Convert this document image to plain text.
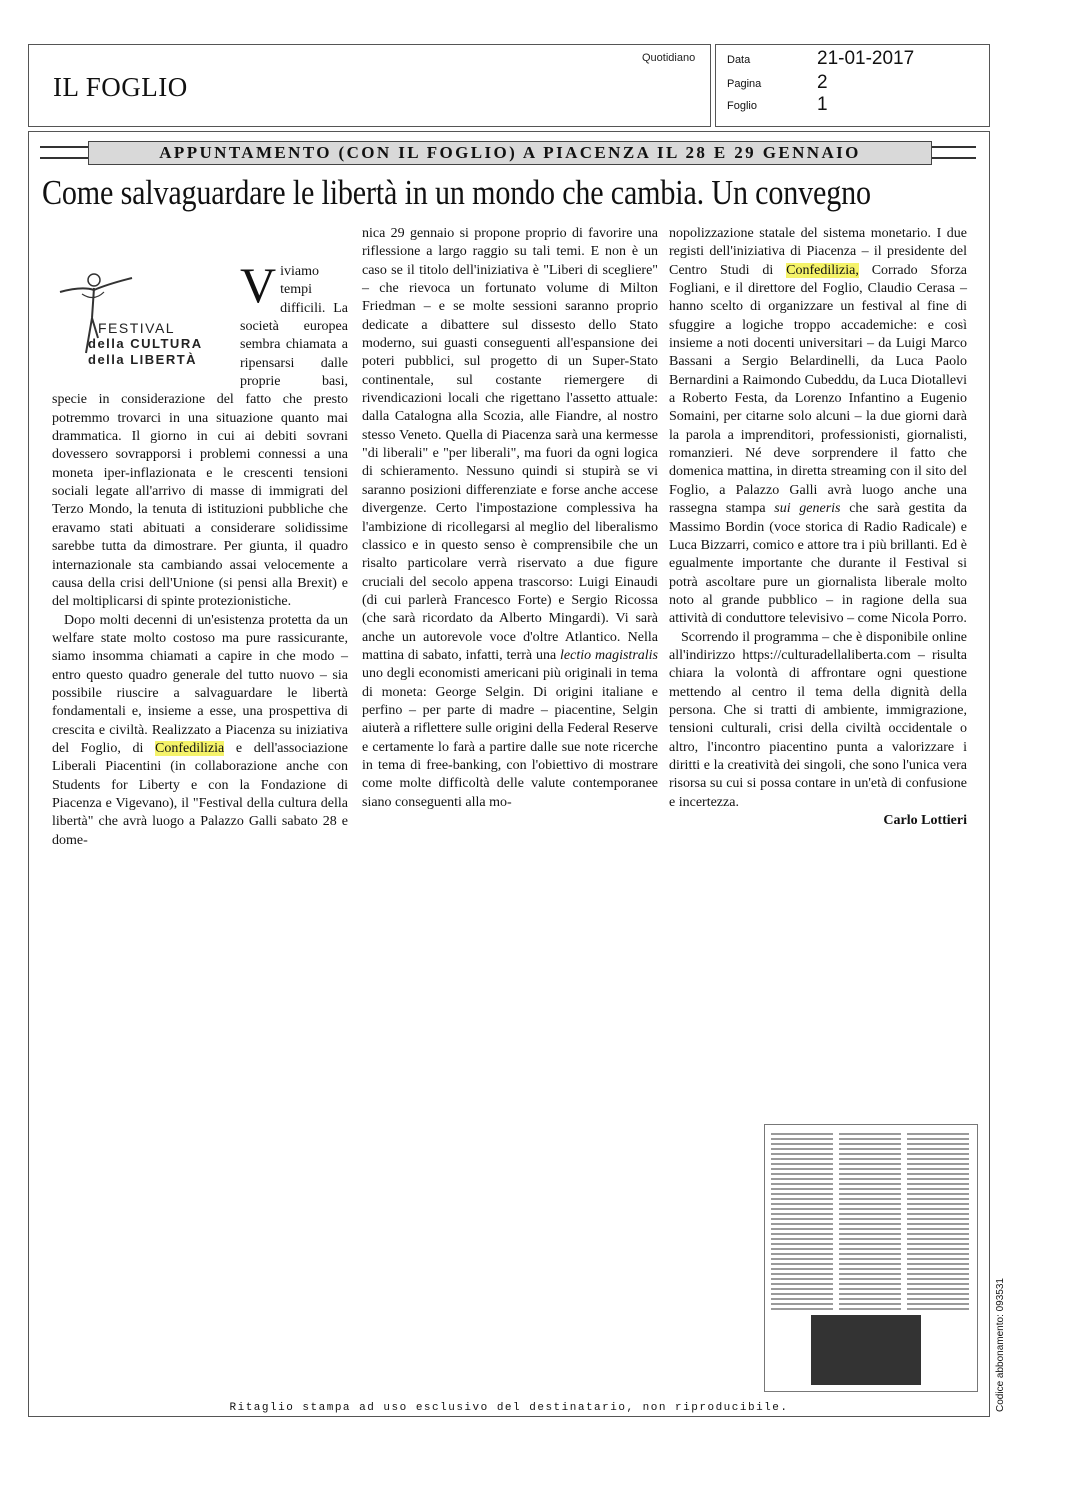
IL FOGLIO
Quotidiano	Data	21-01-2017
Pagina	2
Foglio	1
APPUNTAMENTO (CON IL FOGLIO) A PIACENZA IL 28 E 29 GENNAIO
Come salvaguardare le libertà in un mondo che cambia. Un convegno
FESTIVAL
della CULTURA
della LIBERTÀ

Viviamo tempi difficili. La società europea sembra chiamata a ripensarsi dalle proprie basi, specie in considerazione del fatto che presto potremmo trovarci in una situazione quanto mai drammatica. Il giorno in cui ai debiti sovrani dovessero sovrapporsi i problemi connessi a una moneta iper-inflazionata e le crescenti tensioni sociali legate all'arrivo di masse di immigrati del Terzo Mondo, la tenuta di istituzioni pubbliche che eravamo stati abituati a considerare solidissime sarebbe tutta da dimostrare. Per giunta, il quadro internazionale sta cambiando assai velocemente a causa della crisi dell'Unione (si pensi alla Brexit) e del moltiplicarsi di spinte protezionistiche.

Dopo molti decenni di un'esistenza protetta da un welfare state molto costoso ma pure rassicurante, siamo insomma chiamati a capire in che modo – entro questo quadro generale del tutto nuovo – sia possibile riuscire a salvaguardare le libertà fondamentali e, insieme a esse, una prospettiva di crescita e civiltà. Realizzato a Piacenza su iniziativa del Foglio, di Confedilizia e dell'associazione Liberali Piacentini (in collaborazione anche con Students for Liberty e con la Fondazione di Piacenza e Vigevano), il "Festival della cultura della libertà" che avrà luogo a Palazzo Galli sabato 28 e dome-

nica 29 gennaio si propone proprio di favorire una riflessione a largo raggio su tali temi. E non è un caso se il titolo dell'iniziativa è "Liberi di scegliere" – che rievoca un fortunato volume di Milton Friedman – e se molte sessioni saranno proprio dedicate a dibattere sul dissesto dello Stato moderno, sui guasti conseguenti all'espansione dei poteri pubblici, sul progetto di un Super-Stato continentale, sul costante riemergere di rivendicazioni locali che rigettano l'assetto attuale: dalla Catalogna alla Scozia, alle Fiandre, al nostro stesso Veneto. Quella di Piacenza sarà una kermesse "di liberali" e "per liberali", ma fuori da ogni logica di schieramento. Nessuno quindi si stupirà se vi saranno posizioni differenziate e forse anche accese divergenze. Certo l'impostazione complessiva ha l'ambizione di ricollegarsi al meglio del liberalismo classico e in questo senso è comprensibile che un risalto particolare verrà riservato a due figure cruciali del secolo appena trascorso: Luigi Einaudi (di cui parlerà Francesco Forte) e Sergio Ricossa (che sarà ricordato da Alberto Mingardi). Vi sarà anche un autorevole voce d'oltre Atlantico. Nella mattina di sabato, infatti, terrà una lectio magistralis uno degli economisti americani più originali in tema di moneta: George Selgin. Di origini italiane e perfino – per parte di madre – piacentine, Selgin aiuterà a riflettere sulle origini della Federal Reserve e certamente lo farà a partire dalle sue note ricerche in tema di free-banking, con l'obiettivo di mostrare come molte difficoltà delle valute contemporanee siano conseguenti alla mo-

nopolizzazione statale del sistema monetario. I due registi dell'iniziativa di Piacenza – il presidente del Centro Studi di Confedilizia, Corrado Sforza Fogliani, e il direttore del Foglio, Claudio Cerasa – hanno scelto di organizzare un festival al fine di sfuggire a logiche troppo accademiche: e così insieme a noti docenti universitari – da Luigi Marco Bassani a Sergio Belardinelli, da Luca Paolo Bernardini a Raimondo Cubeddu, da Luca Diotallevi a Roberto Festa, da Lorenzo Infantino a Eugenio Somaini, per citarne solo alcuni – la due giorni darà la parola a imprenditori, professionisti, giornalisti, romanzieri. Né deve sorprendere il fatto che domenica mattina, in diretta streaming con il sito del Foglio, a Palazzo Galli avrà luogo anche una rassegna stampa sui generis che sarà gestita da Massimo Bordin (voce storica di Radio Radicale) e Luca Bizzarri, comico e attore tra i più brillanti. Ed è egualmente importante che durante il Festival si potrà ascoltare pure un giornalista liberale molto noto al grande pubblico – in ragione della sua attività di conduttore televisivo – come Nicola Porro.

Scorrendo il programma – che è disponibile online all'indirizzo https://culturadellaliberta.com – risulta chiara la volontà di affrontare ogni questione mettendo al centro il tema della dignità della persona. Che si tratti di ambiente, immigrazione, tensioni culturali, crisi della civiltà occidentale o altro, l'incontro piacentino punta a valorizzare i diritti e la creatività dei singoli, che sono l'unica vera risorsa su cui si possa contare in un'età di confusione e incertezza.

Carlo Lottieri

Ritaglio stampa ad uso esclusivo del destinatario, non riproducibile.	Codice abbonamento: 093531
